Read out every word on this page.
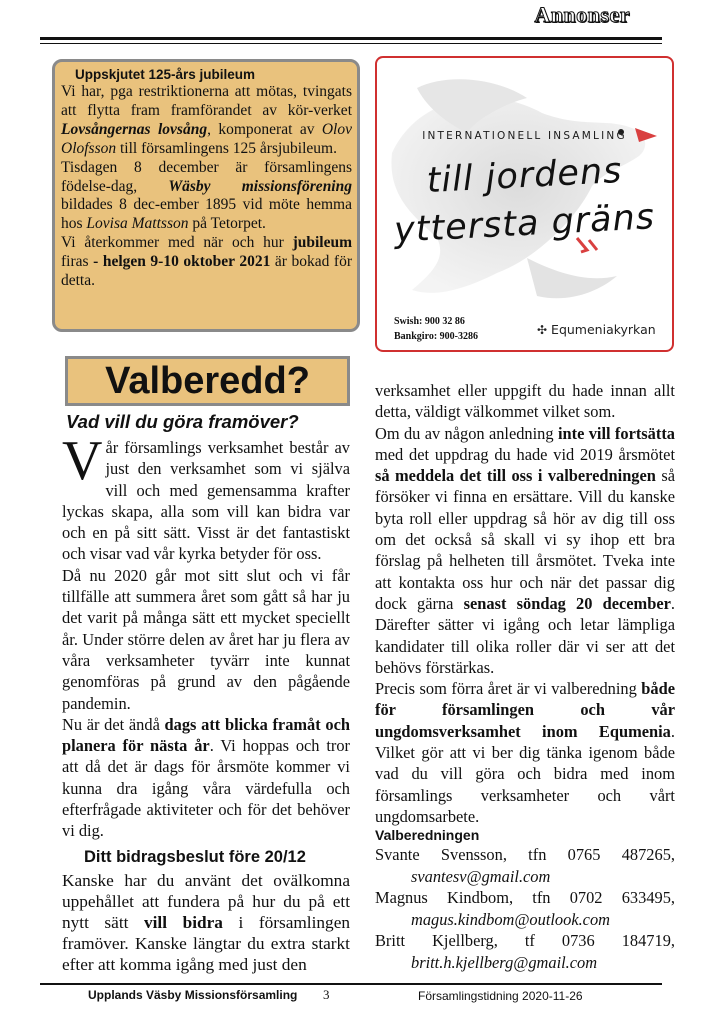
Annonser
Uppskjutet 125-års jubileum
Vi har, pga restriktionerna att mötas, tvingats att flytta fram framförandet av kör-verket Lovsångernas lovsång, komponerat av Olov Olofsson till församlingens 125 årsjubileum.
Tisdagen 8 december är församlingens födelse-dag, Wäsby missionsförening bildades 8 dec-ember 1895 vid möte hemma hos Lovisa Mattsson på Tetorpet.
Vi återkommer med när och hur jubileum firas - helgen 9-10 oktober 2021 är bokad för detta.
INTERNATIONELL INSAMLING
till jordens
yttersta gräns
Swish: 900 32 86
Bankgiro: 900-3286	✣ Equmeniakyrkan
Valberedd?
Vad vill du göra framöver?

Vår församlings verksamhet består av just den verksamhet som vi själva vill och med gemensamma krafter lyckas skapa, alla som vill kan bidra var och en på sitt sätt. Visst är det fantastiskt och visar vad vår kyrka betyder för oss.

Då nu 2020 går mot sitt slut och vi får tillfälle att summera året som gått så har ju det varit på många sätt ett mycket speciellt år. Under större delen av året har ju flera av våra verksamheter tyvärr inte kunnat genomföras på grund av den pågående pandemin.

Nu är det ändå dags att blicka framåt och planera för nästa år. Vi hoppas och tror att då det är dags för årsmöte kommer vi kunna dra igång våra värdefulla och efterfrågade aktiviteter och för det behöver vi dig.

Ditt bidragsbeslut före 20/12

Kanske har du använt det ovälkomna uppehållet att fundera på hur du på ett nytt sätt vill bidra i församlingen framöver. Kanske längtar du extra starkt efter att komma igång med just den

verksamhet eller uppgift du hade innan allt detta, väldigt välkommet vilket som.

Om du av någon anledning inte vill fortsätta med det uppdrag du hade vid 2019 årsmötet så meddela det till oss i valberedningen så försöker vi finna en ersättare. Vill du kanske byta roll eller uppdrag så hör av dig till oss om det också så skall vi sy ihop ett bra förslag på helheten till årsmötet. Tveka inte att kontakta oss hur och när det passar dig dock gärna senast söndag 20 december. Därefter sätter vi igång och letar lämpliga kandidater till olika roller där vi ser att det behövs förstärkas.

Precis som förra året är vi valberedning både för församlingen och vår ungdomsverksamhet inom Equmenia. Vilket gör att vi ber dig tänka igenom både vad du vill göra och bidra med inom församlings verksamheter och vårt ungdomsarbete.

Valberedningen
Svante Svensson, tfn 0765 487265,
svantesv@gmail.com
Magnus Kindbom, tfn 0702 633495,
magus.kindbom@outlook.com
Britt Kjellberg, tf 0736 184719,
britt.h.kjellberg@gmail.com
Upplands Väsby Missionsförsamling 3	Församlingstidning 2020-11-26
